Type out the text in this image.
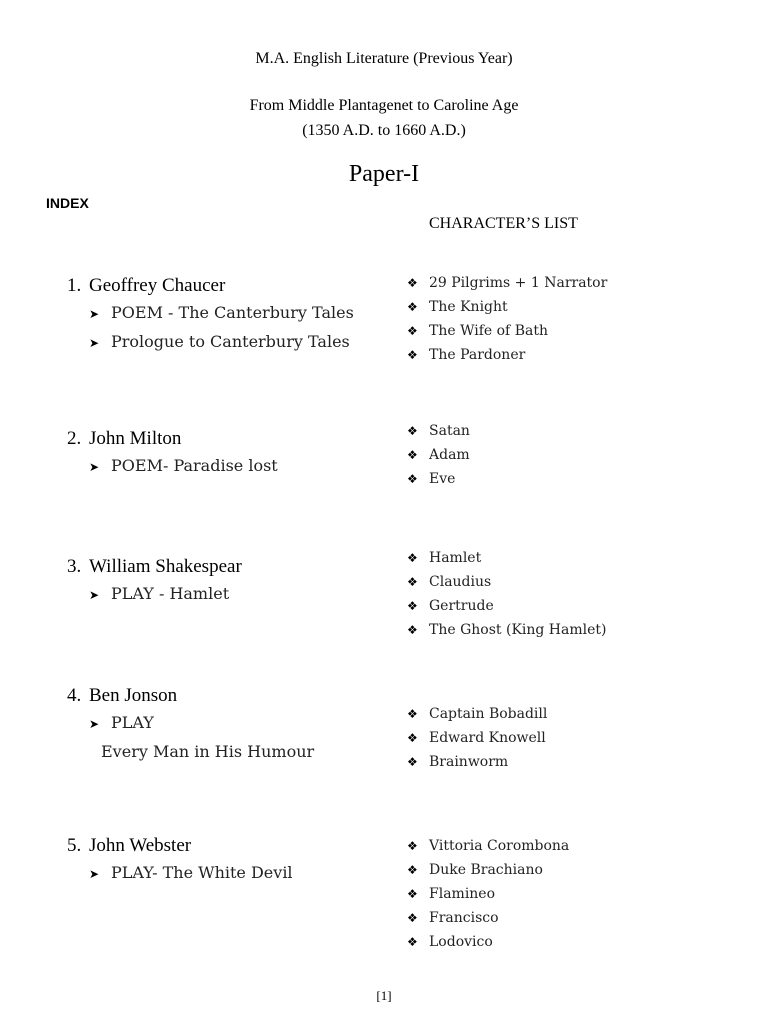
M.A. English Literature (Previous Year)
From Middle Plantagenet to Caroline Age
(1350 A.D. to 1660 A.D.)
Paper-I
INDEX
CHARACTER’S LIST
1. Geoffrey Chaucer
➤ POEM - The Canterbury Tales
➤ Prologue to Canterbury Tales
❖ 29 Pilgrims + 1 Narrator
❖ The Knight
❖ The Wife of Bath
❖ The Pardoner
2. John Milton
➤ POEM- Paradise lost
❖ Satan
❖ Adam
❖ Eve
3. William Shakespear
➤ PLAY - Hamlet
❖ Hamlet
❖ Claudius
❖ Gertrude
❖ The Ghost (King Hamlet)
4. Ben Jonson
➤ PLAY
Every Man in His Humour
❖ Captain Bobadill
❖ Edward Knowell
❖ Brainworm
5. John Webster
➤ PLAY- The White Devil
❖ Vittoria Corombona
❖ Duke Brachiano
❖ Flamineo
❖ Francisco
❖ Lodovico
[1]
